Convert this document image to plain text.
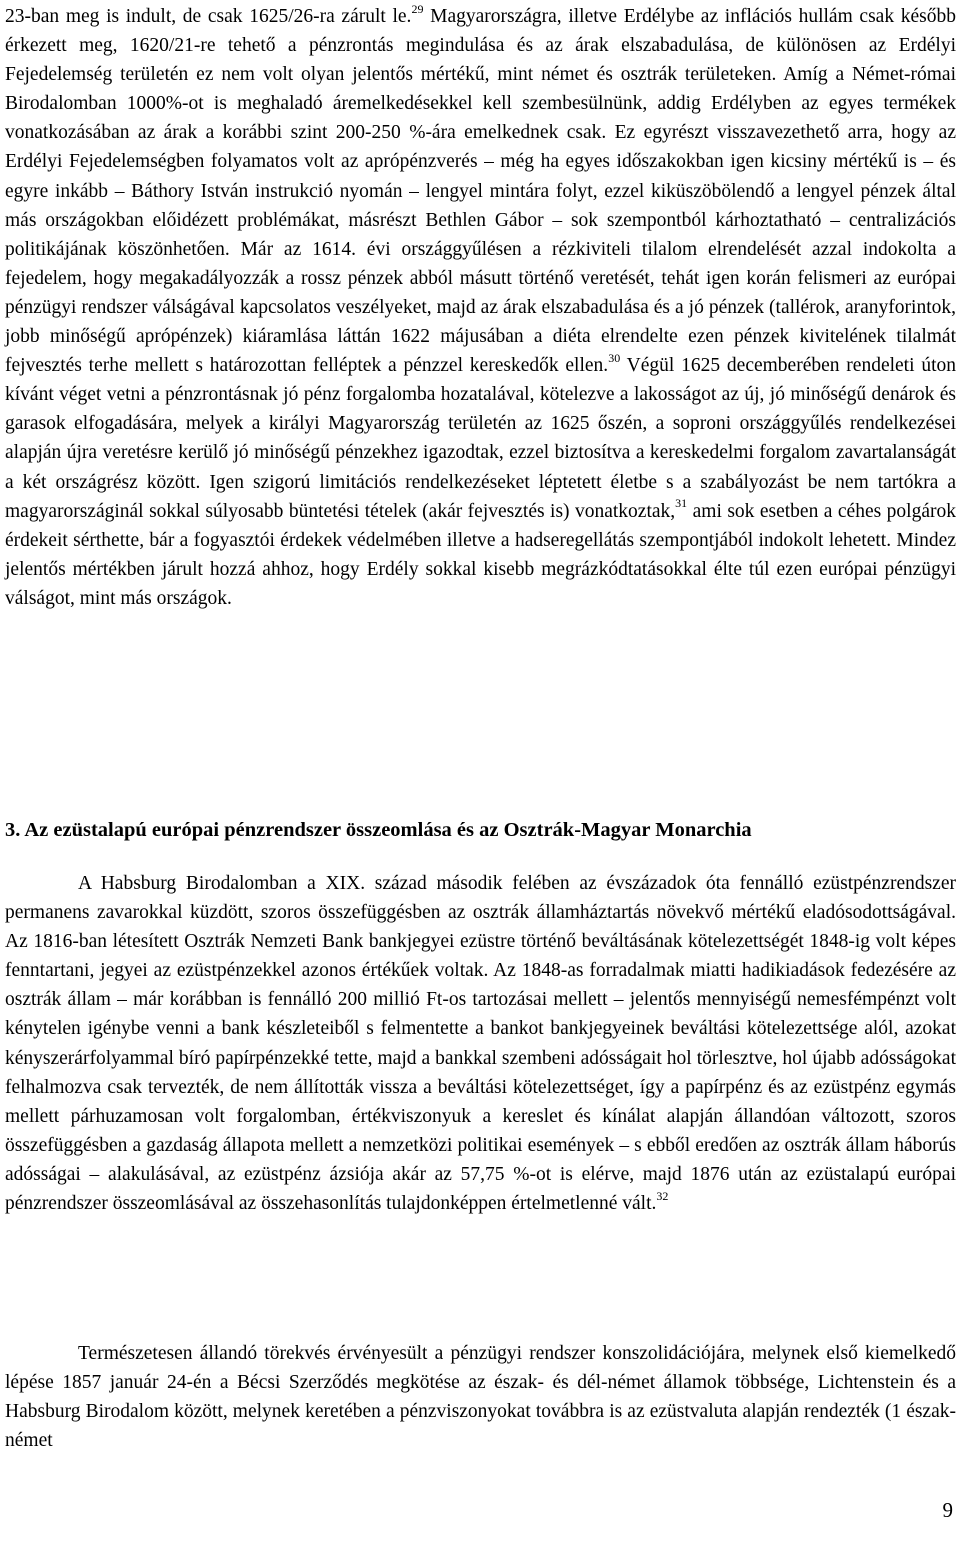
23-ban meg is indult, de csak 1625/26-ra zárult le.$^{29}$ Magyarországra, illetve Erdélybe az inflációs hullám csak később érkezett meg, 1620/21-re tehető a pénzrontás megindulása és az árak elszabadulása, de különösen az Erdélyi Fejedelemség területén ez nem volt olyan jelentős mértékű, mint német és osztrák területeken. Amíg a Német-római Birodalomban 1000%-ot is meghaladó áremelkedésekkel kell szembesülnünk, addig Erdélyben az egyes termékek vonatkozásában az árak a korábbi szint 200-250 %-ára emelkednek csak. Ez egyrészt visszavezethető arra, hogy az Erdélyi Fejedelemségben folyamatos volt az aprópénzverés – még ha egyes időszakokban igen kicsiny mértékű is – és egyre inkább – Báthory István instrukció nyomán – lengyel mintára folyt, ezzel kiküszöbölendő a lengyel pénzek által más országokban előidézett problémákat, másrészt Bethlen Gábor – sok szempontból kárhoztatható – centralizációs politikájának köszönhetően. Már az 1614. évi országgyűlésen a rézkiviteli tilalom elrendelését azzal indokolta a fejedelem, hogy megakadályozzák a rossz pénzek abból másutt történő veretését, tehát igen korán felismeri az európai pénzügyi rendszer válságával kapcsolatos veszélyeket, majd az árak elszabadulása és a jó pénzek (tallérok, aranyforintok, jobb minőségű aprópénzek) kiáramlása láttán 1622 májusában a diéta elrendelte ezen pénzek kivitelének tilalmát fejvesztés terhe mellett s határozottan felléptek a pénzzel kereskedők ellen.$^{30}$ Végül 1625 decemberében rendeleti úton kívánt véget vetni a pénzrontásnak jó pénz forgalomba hozatalával, kötelezve a lakosságot az új, jó minőségű denárok és garasok elfogadására, melyek a királyi Magyarország területén az 1625 őszén, a soproni országgyűlés rendelkezései alapján újra veretésre kerülő jó minőségű pénzekhez igazodtak, ezzel biztosítva a kereskedelmi forgalom zavartalanságát a két országrész között. Igen szigorú limitációs rendelkezéseket léptetett életbe s a szabályozást be nem tartókra a magyarországinál sokkal súlyosabb büntetési tételek (akár fejvesztés is) vonatkoztak,$^{31}$ ami sok esetben a céhes polgárok érdekeit sérthette, bár a fogyasztói érdekek védelmében illetve a hadseregellátás szempontjából indokolt lehetett. Mindez jelentős mértékben járult hozzá ahhoz, hogy Erdély sokkal kisebb megrázkódtatásokkal élte túl ezen európai pénzügyi válságot, mint más országok.

3. Az ezüstalapú európai pénzrendszer összeomlása és az Osztrák-Magyar Monarchia

A Habsburg Birodalomban a XIX. század második felében az évszázadok óta fennálló ezüstpénzrendszer permanens zavarokkal küzdött, szoros összefüggésben az osztrák államháztartás növekvő mértékű eladósodottságával. Az 1816-ban létesített Osztrák Nemzeti Bank bankjegyei ezüstre történő beváltásának kötelezettségét 1848-ig volt képes fenntartani, jegyei az ezüstpénzekkel azonos értékűek voltak. Az 1848-as forradalmak miatti hadikiadások fedezésére az osztrák állam – már korábban is fennálló 200 millió Ft-os tartozásai mellett – jelentős mennyiségű nemesfémpénzt volt kénytelen igénybe venni a bank készleteiből s felmentette a bankot bankjegyeinek beváltási kötelezettsége alól, azokat kényszerárfolyammal bíró papírpénzekké tette, majd a bankkal szembeni adósságait hol törlesztve, hol újabb adósságokat felhalmozva csak tervezték, de nem állították vissza a beváltási kötelezettséget, így a papírpénz és az ezüstpénz egymás mellett párhuzamosan volt forgalomban, értékviszonyuk a kereslet és kínálat alapján állandóan változott, szoros összefüggésben a gazdaság állapota mellett a nemzetközi politikai események – s ebből eredően az osztrák állam háborús adósságai – alakulásával, az ezüstpénz ázsiója akár az 57,75 %-ot is elérve, majd 1876 után az ezüstalapú európai pénzrendszer összeomlásával az összehasonlítás tulajdonképpen értelmetlenné vált.$^{32}$

Természetesen állandó törekvés érvényesült a pénzügyi rendszer konszolidációjára, melynek első kiemelkedő lépése 1857 január 24-én a Bécsi Szerződés megkötése az észak- és dél-német államok többsége, Lichtenstein és a Habsburg Birodalom között, melynek keretében a pénzviszonyokat továbbra is az ezüstvaluta alapján rendezték (1 észak-német

9
